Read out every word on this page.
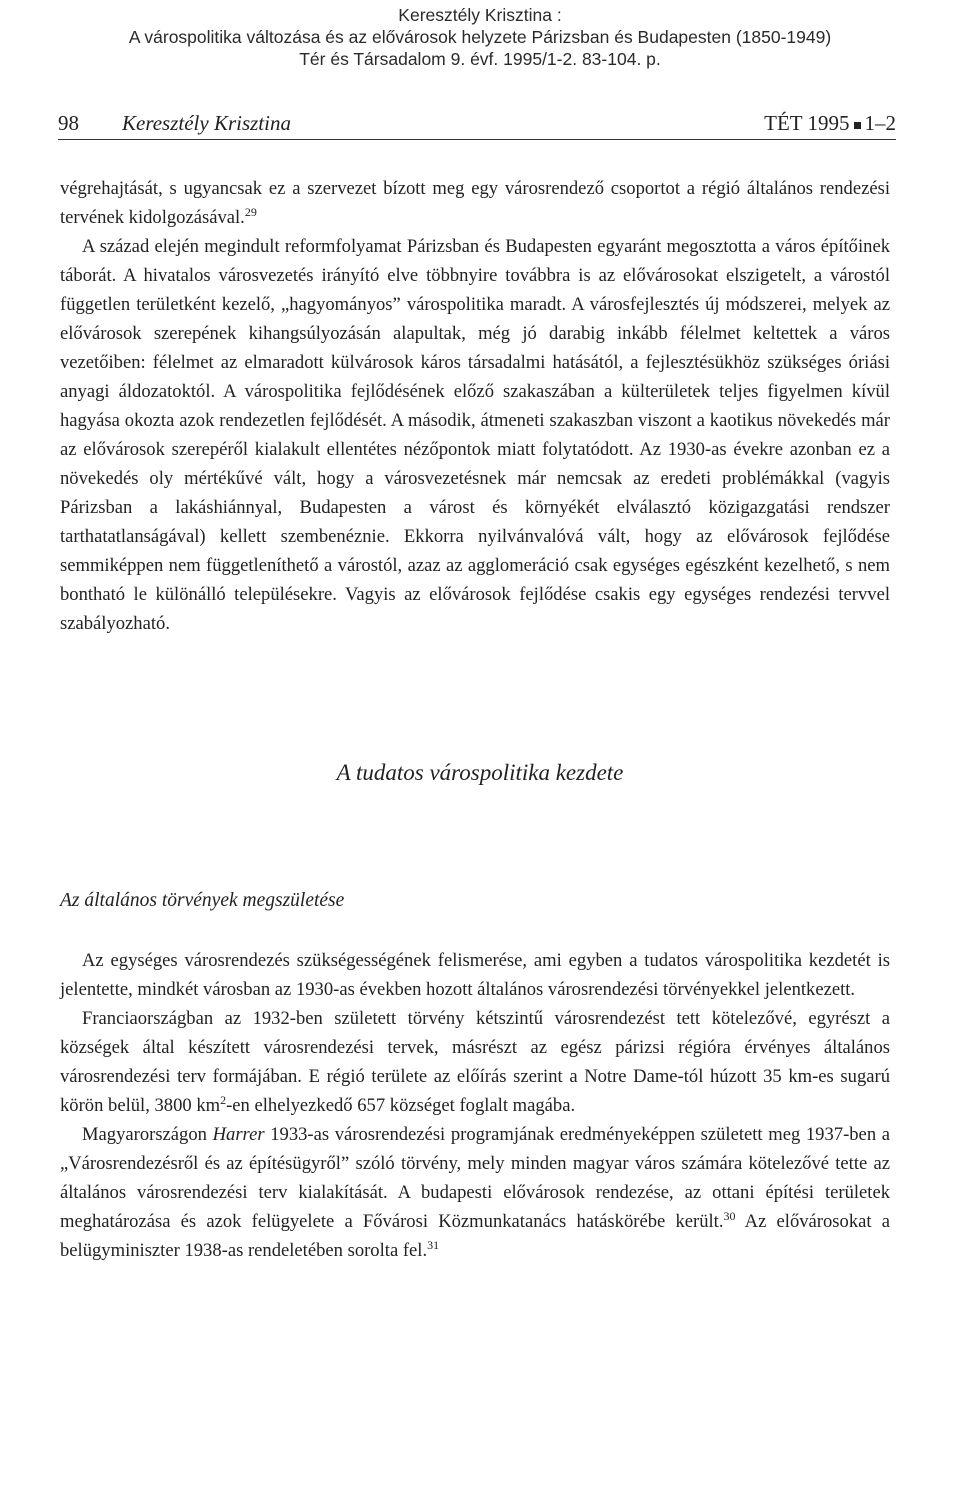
Keresztély Krisztina :
A várospolitika változása és az elővárosok helyzete Párizsban és Budapesten (1850-1949)
Tér és Társadalom 9. évf. 1995/1-2. 83-104. p.
98 Keresztély Krisztina	TÉT 1995 1–2

végrehajtását, s ugyancsak ez a szervezet bízott meg egy városrendező csoportot a régió általános rendezési tervének kidolgozásával.$^{29}$

A század elején megindult reformfolyamat Párizsban és Budapesten egyaránt megosztotta a város építőinek táborát. A hivatalos városvezetés irányító elve többnyire továbbra is az elővárosokat elszigetelt, a várostól független területként kezelő, „hagyományos” várospolitika maradt. A városfejlesztés új módszerei, melyek az elővárosok szerepének kihangsúlyozásán alapultak, még jó darabig inkább félelmet keltettek a város vezetőiben: félelmet az elmaradott külvárosok káros társadalmi hatásától, a fejlesztésükhöz szükséges óriási anyagi áldozatoktól. A várospolitika fejlődésének előző szakaszában a külterületek teljes figyelmen kívül hagyása okozta azok rendezetlen fejlődését. A második, átmeneti szakaszban viszont a kaotikus növekedés már az elővárosok szerepéről kialakult ellentétes nézőpontok miatt folytatódott. Az 1930-as évekre azonban ez a növekedés oly mértékűvé vált, hogy a városvezetésnek már nemcsak az eredeti problémákkal (vagyis Párizsban a lakáshiánnyal, Budapesten a várost és környékét elválasztó közigazgatási rendszer tarthatatlanságával) kellett szembenéznie. Ekkorra nyilvánvalóvá vált, hogy az elővárosok fejlődése semmiképpen nem függetleníthető a várostól, azaz az agglomeráció csak egységes egészként kezelhető, s nem bontható le különálló településekre. Vagyis az elővárosok fejlődése csakis egy egységes rendezési tervvel szabályozható.

A tudatos várospolitika kezdete
Az általános törvények megszületése

Az egységes városrendezés szükségességének felismerése, ami egyben a tudatos várospolitika kezdetét is jelentette, mindkét városban az 1930-as években hozott általános városrendezési törvényekkel jelentkezett.

Franciaországban az 1932-ben született törvény kétszintű városrendezést tett kötelezővé, egyrészt a községek által készített városrendezési tervek, másrészt az egész párizsi régióra érvényes általános városrendezési terv formájában. E régió területe az előírás szerint a Notre Dame-tól húzott 35 km-es sugarú körön belül, 3800 $km^2-en$ elhelyezkedő 657 községet foglalt magába.

Magyarországon Harrer 1933-as városrendezési programjának eredményeképpen született meg 1937-ben a „Városrendezésről és az építésügyről” szóló törvény, mely minden magyar város számára kötelezővé tette az általános városrendezési terv kialakítását. A budapesti elővárosok rendezése, az ottani építési területek meghatározása és azok felügyelete a Fővárosi Közmunkatanács hatáskörébe került.$^{30}$ Az elővárosokat a belügyminiszter 1938-as rendeletében sorolta fel.$^{31}$
